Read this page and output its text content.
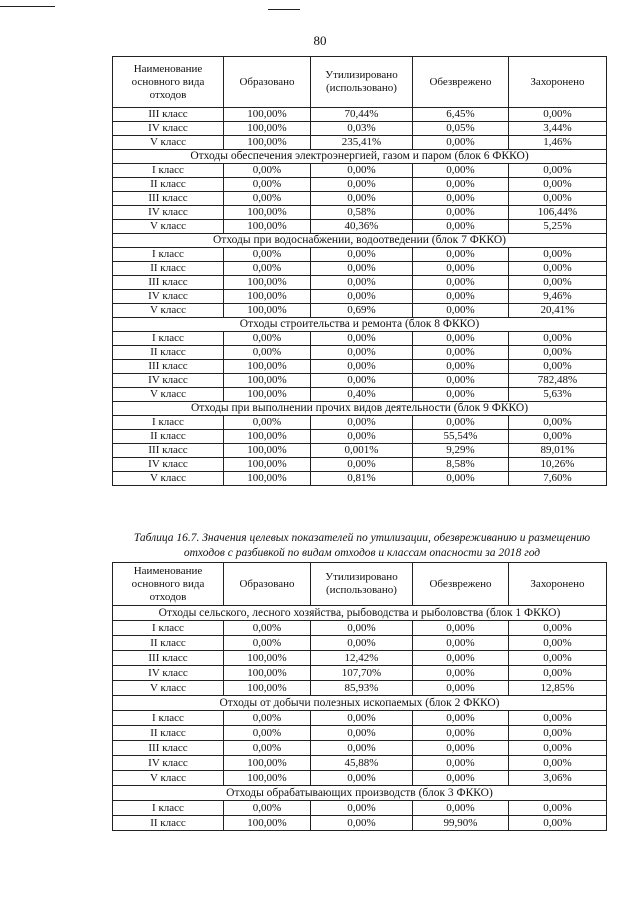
80
Наименование основного вида отходов	Образовано	Утилизировано (использовано)	Обезврежено	Захоронено
III класс	100,00%	70,44%	6,45%	0,00%
IV класс	100,00%	0,03%	0,05%	3,44%
V класс	100,00%	235,41%	0,00%	1,46%
Отходы обеспечения электроэнергией, газом и паром (блок 6 ФККО)				
I класс	0,00%	0,00%	0,00%	0,00%
II класс	0,00%	0,00%	0,00%	0,00%
III класс	0,00%	0,00%	0,00%	0,00%
IV класс	100,00%	0,58%	0,00%	106,44%
V класс	100,00%	40,36%	0,00%	5,25%
Отходы при водоснабжении, водоотведении (блок 7 ФККО)				
I класс	0,00%	0,00%	0,00%	0,00%
II класс	0,00%	0,00%	0,00%	0,00%
III класс	100,00%	0,00%	0,00%	0,00%
IV класс	100,00%	0,00%	0,00%	9,46%
V класс	100,00%	0,69%	0,00%	20,41%
Отходы строительства и ремонта (блок 8 ФККО)				
I класс	0,00%	0,00%	0,00%	0,00%
II класс	0,00%	0,00%	0,00%	0,00%
III класс	100,00%	0,00%	0,00%	0,00%
IV класс	100,00%	0,00%	0,00%	782,48%
V класс	100,00%	0,40%	0,00%	5,63%
Отходы при выполнении прочих видов деятельности (блок 9 ФККО)				
I класс	0,00%	0,00%	0,00%	0,00%
II класс	100,00%	0,00%	55,54%	0,00%
III класс	100,00%	0,001%	9,29%	89,01%
IV класс	100,00%	0,00%	8,58%	10,26%
V класс	100,00%	0,81%	0,00%	7,60%
Таблица 16.7. Значения целевых показателей по утилизации, обезвреживанию и размещению отходов с разбивкой по видам отходов и классам опасности за 2018 год
Наименование основного вида отходов	Образовано	Утилизировано (использовано)	Обезврежено	Захоронено
Отходы сельского, лесного хозяйства, рыбоводства и рыболовства (блок 1 ФККО)				
I класс	0,00%	0,00%	0,00%	0,00%
II класс	0,00%	0,00%	0,00%	0,00%
III класс	100,00%	12,42%	0,00%	0,00%
IV класс	100,00%	107,70%	0,00%	0,00%
V класс	100,00%	85,93%	0,00%	12,85%
Отходы от добычи полезных ископаемых (блок 2 ФККО)				
I класс	0,00%	0,00%	0,00%	0,00%
II класс	0,00%	0,00%	0,00%	0,00%
III класс	0,00%	0,00%	0,00%	0,00%
IV класс	100,00%	45,88%	0,00%	0,00%
V класс	100,00%	0,00%	0,00%	3,06%
Отходы обрабатывающих производств (блок 3 ФККО)				
I класс	0,00%	0,00%	0,00%	0,00%
II класс	100,00%	0,00%	99,90%	0,00%
